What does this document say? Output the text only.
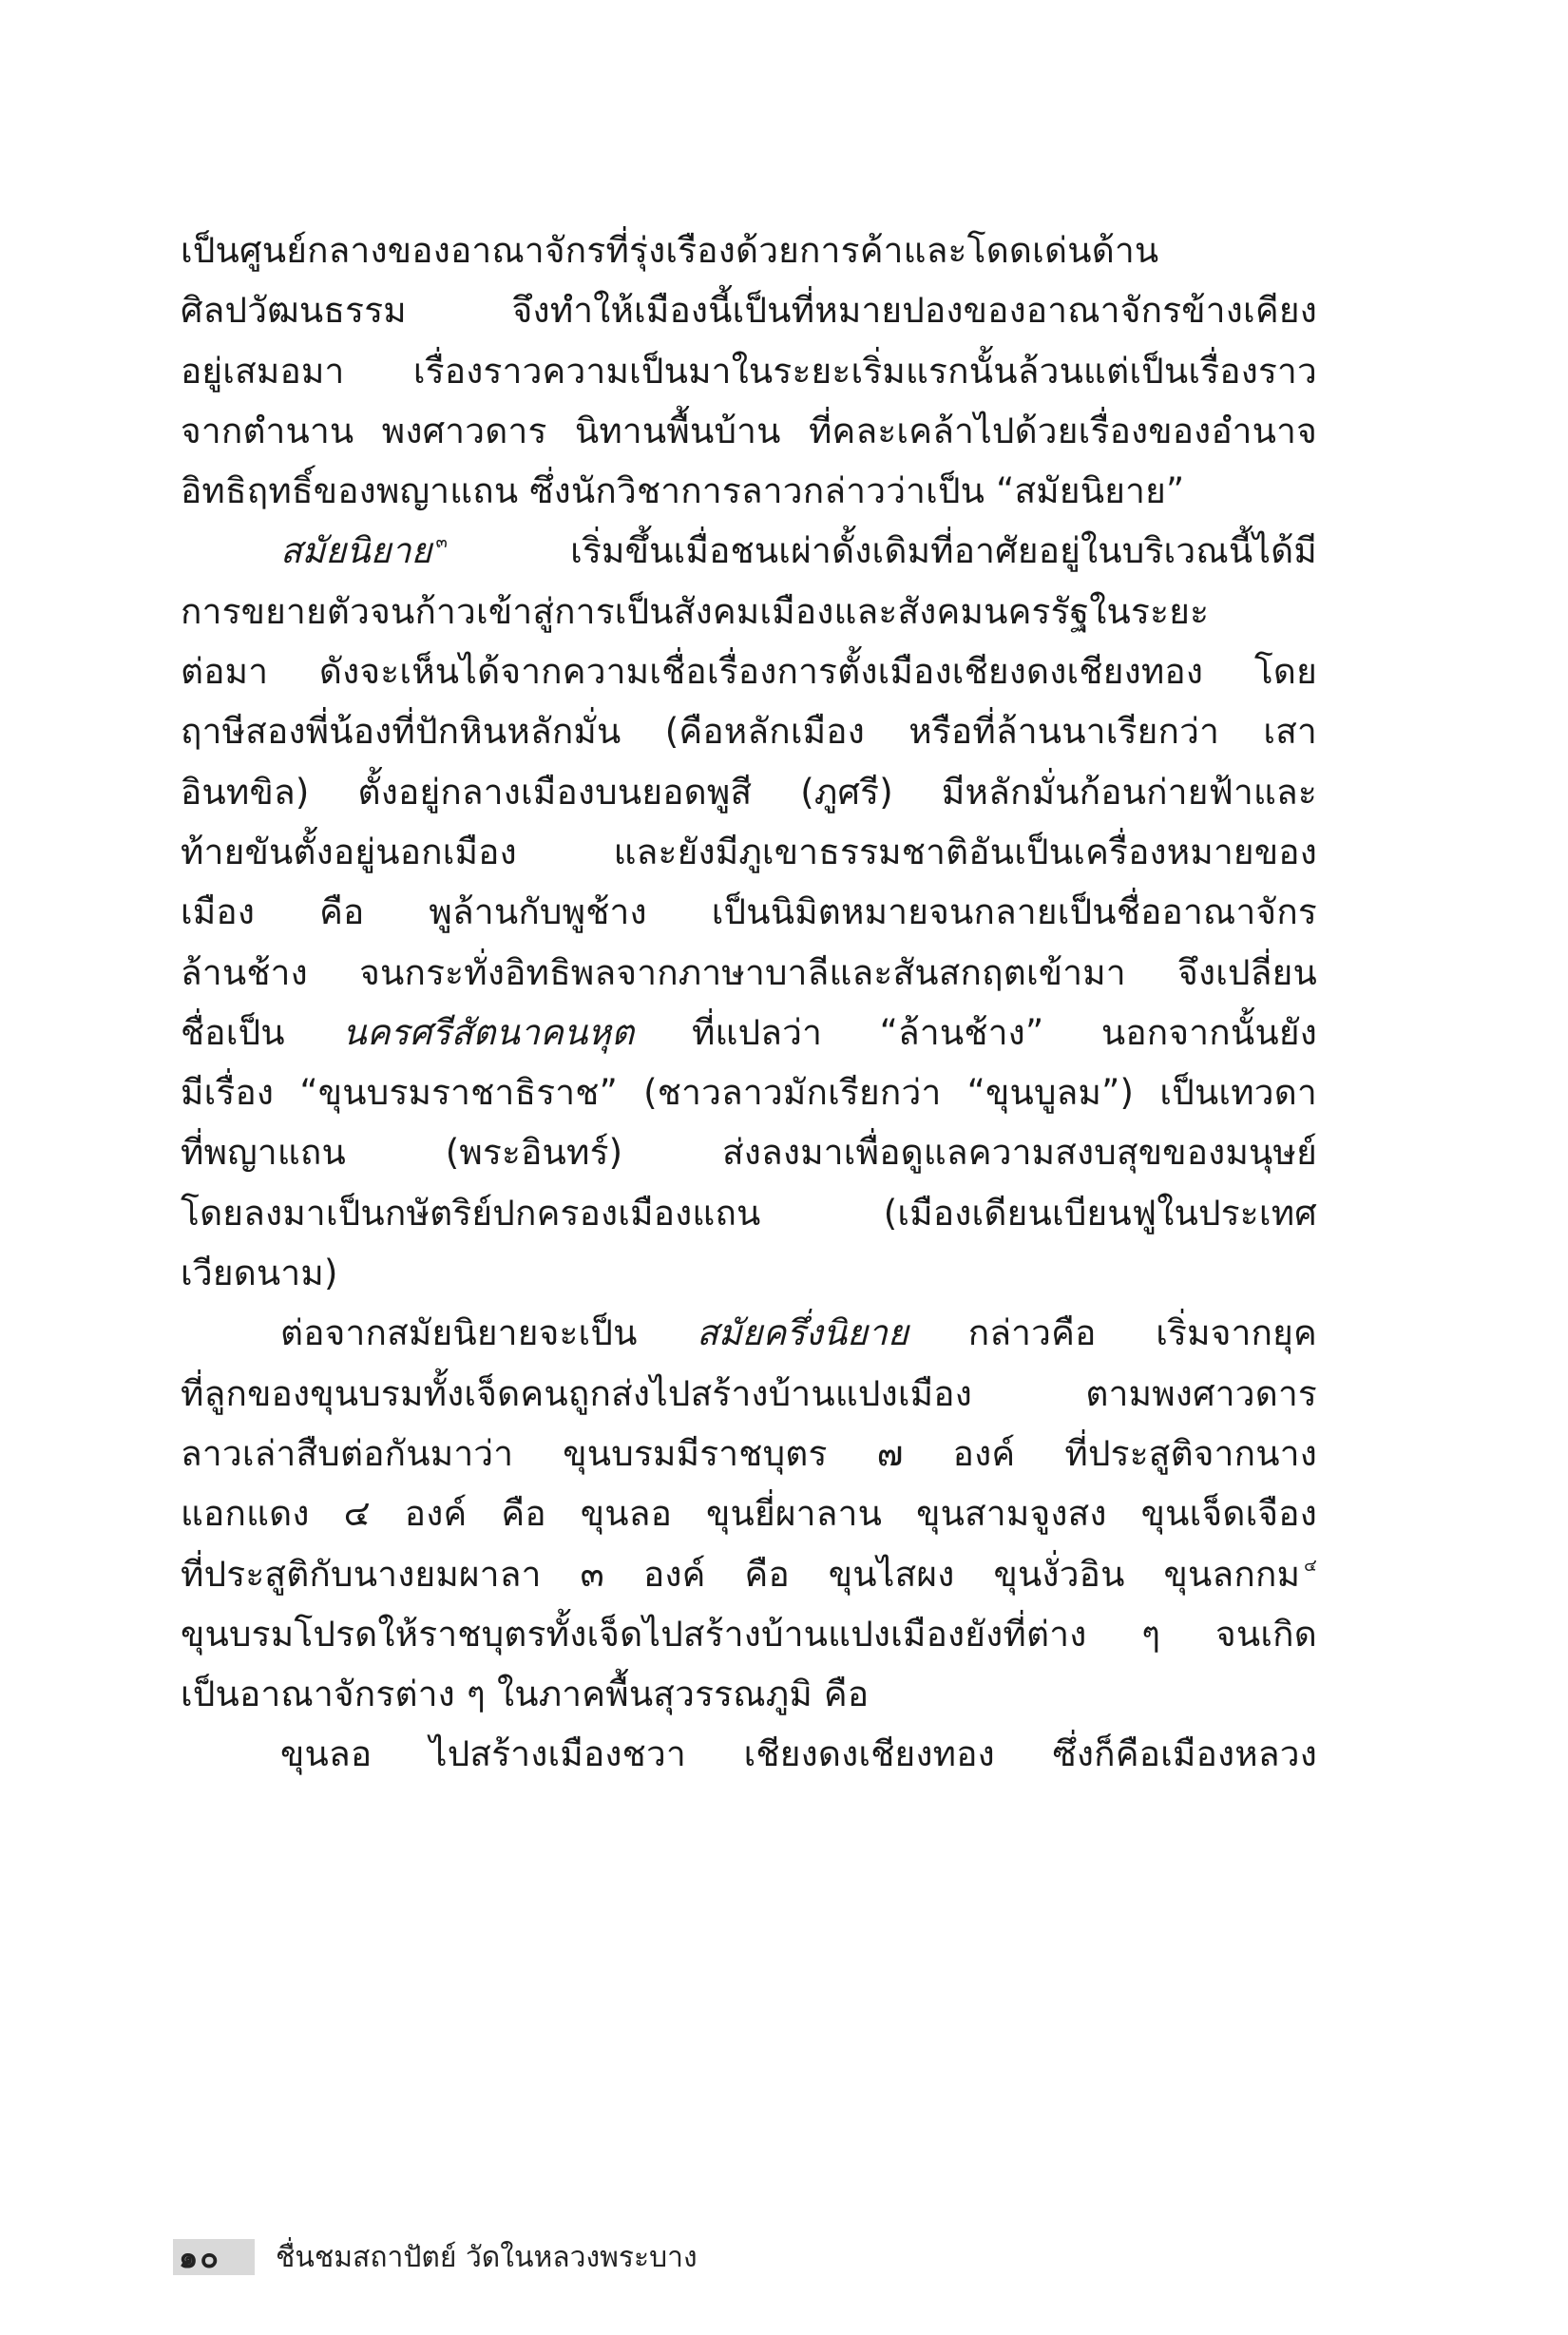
เป็นศูนย์กลางของอาณาจักรที่รุ่งเรืองด้วยการค้าและโดดเด่นด้าน
ศิลปวัฒนธรรม จึงทำให้เมืองนี้เป็นที่หมายปองของอาณาจักรข้างเคียง
อยู่เสมอมา เรื่องราวความเป็นมาในระยะเริ่มแรกนั้นล้วนแต่เป็นเรื่องราว
จากตำนาน พงศาวดาร นิทานพื้นบ้าน ที่คละเคล้าไปด้วยเรื่องของอำนาจ
อิทธิฤทธิ์ของพญาแถน ซึ่งนักวิชาการลาวกล่าวว่าเป็น “สมัยนิยาย”
สมัยนิยาย $^๓$ เริ่มขึ้นเมื่อชนเผ่าดั้งเดิมที่อาศัยอยู่ในบริเวณนี้ได้มี
การขยายตัวจนก้าวเข้าสู่การเป็นสังคมเมืองและสังคมนครรัฐในระยะ
ต่อมา ดังจะเห็นได้จากความเชื่อเรื่องการตั้งเมืองเชียงดงเชียงทอง โดย
ฤาษีสองพี่น้องที่ปักหินหลักมั่น (คือหลักเมือง หรือที่ล้านนาเรียกว่า เสา
อินทขิล) ตั้งอยู่กลางเมืองบนยอดพูสี (ภูศรี) มีหลักมั่นก้อนก่ายฟ้าและ
ท้ายขันตั้งอยู่นอกเมือง และยังมีภูเขาธรรมชาติอันเป็นเครื่องหมายของ
เมือง คือ พูล้านกับพูช้าง เป็นนิมิตหมายจนกลายเป็นชื่ออาณาจักร
ล้านช้าง จนกระทั่งอิทธิพลจากภาษาบาลีและสันสกฤตเข้ามา จึงเปลี่ยน
ชื่อเป็น นครศรีสัตนาคนหุต ที่แปลว่า “ล้านช้าง” นอกจากนั้นยัง
มีเรื่อง “ขุนบรมราชาธิราช” (ชาวลาวมักเรียกว่า “ขุนบูลม”) เป็นเทวดา
ที่พญาแถน (พระอินทร์) ส่งลงมาเพื่อดูแลความสงบสุขของมนุษย์
โดยลงมาเป็นกษัตริย์ปกครองเมืองแถน (เมืองเดียนเบียนฟูในประเทศ
เวียดนาม)
ต่อจากสมัยนิยายจะเป็น สมัยครึ่งนิยาย กล่าวคือ เริ่มจากยุค
ที่ลูกของขุนบรมทั้งเจ็ดคนถูกส่งไปสร้างบ้านแปงเมือง ตามพงศาวดาร
ลาวเล่าสืบต่อกันมาว่า ขุนบรมมีราชบุตร ๗ องค์ ที่ประสูติจากนาง
แอกแดง ๔ องค์ คือ ขุนลอ ขุนยี่ผาลาน ขุนสามจูงสง ขุนเจ็ดเจือง
ที่ประสูติกับนางยมผาลา ๓ องค์ คือ ขุนไสผง ขุนงั่วอิน ขุนลกกม $^๔$
ขุนบรมโปรดให้ราชบุตรทั้งเจ็ดไปสร้างบ้านแปงเมืองยังที่ต่าง ๆ จนเกิด
เป็นอาณาจักรต่าง ๆ ในภาคพื้นสุวรรณภูมิ คือ
ขุนลอ ไปสร้างเมืองชวา เชียงดงเชียงทอง ซึ่งก็คือเมืองหลวง
๑๐	ชื่นชมสถาปัตย์ วัดในหลวงพระบาง
